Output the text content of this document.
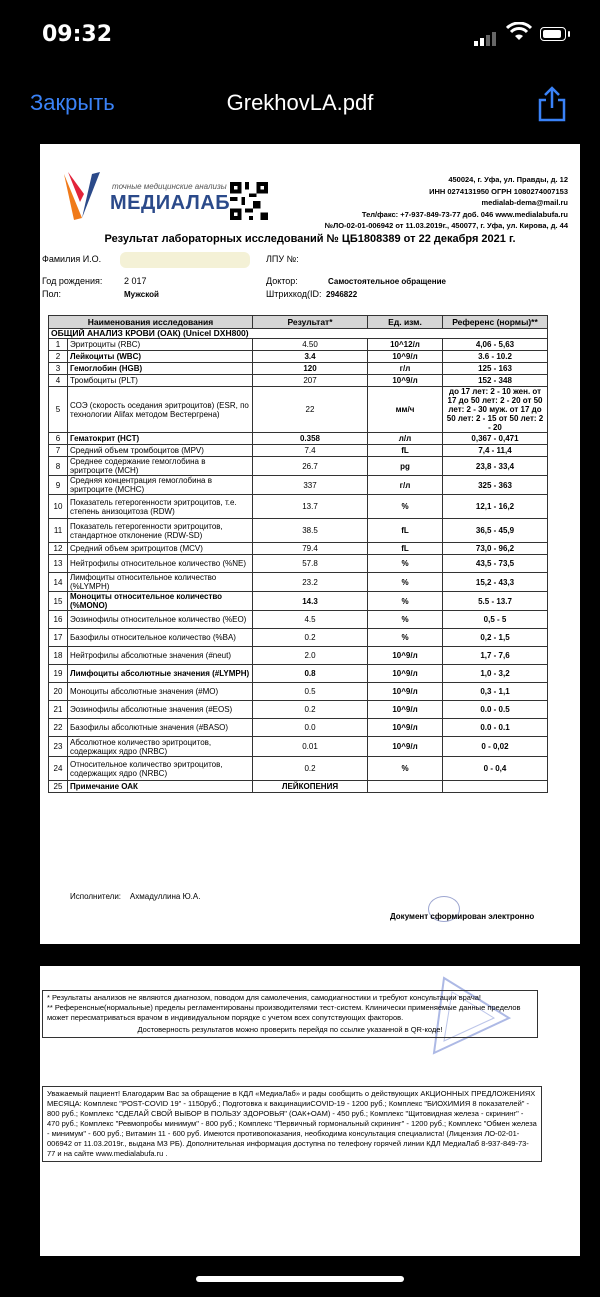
09:32
Закрыть	GrekhovLA.pdf
точные медицинские анализы
МЕДИАЛАБ
450024, г. Уфа, ул. Правды, д. 12
ИНН 0274131950 ОГРН 1080274007153
medialab-dema@mail.ru
Тел/факс: +7-937-849-73-77 доб. 046 www.medialabufa.ru
№ЛО-02-01-006942 от 11.03.2019г., 450077, г. Уфа, ул. Кирова, д. 44
Результат лабораторных исследований № ЦБ1808389 от 22 декабря 2021 г.
Фамилия И.О.	ЛПУ №:
Год рождения: 2 017	Доктор:	Самостоятельное обращение
Пол:	Мужской	Штрихкод(ID: 2946822
Наименования исследования		Результат*	Ед. изм.	Референс (нормы)**
ОБЩИЙ АНАЛИЗ КРОВИ (ОАК) (Unicel DXH800)				
1	Эритроциты (RBC)	4.50	10^12/л	4,06 - 5,63
2	Лейкоциты (WBC)	3.4	10^9/л	3.6 - 10.2
3	Гемоглобин (HGB)	120	г/л	125 - 163
4	Тромбоциты (PLT)	207	10^9/л	152 - 348
5	СОЭ (скорость оседания эритроцитов) (ESR, по технологии Alifax методом Вестергрена)	22	мм/ч	до 17 лет: 2 - 10 жен. от 17 до 50 лет: 2 - 20 от 50 лет: 2 - 30 муж. от 17 до 50 лет: 2 - 15 от 50 лет: 2 - 20
6	Гематокрит (HCT)	0.358	л/л	0,367 - 0,471
7	Средний объем тромбоцитов (MPV)	7.4	fL	7,4 - 11,4
8	Среднее содержание гемоглобина в эритроците (MCH)	26.7	pg	23,8 - 33,4
9	Средняя концентрация гемоглобина в эритроците (MCHC)	337	г/л	325 - 363
10	Показатель гетерогенности эритроцитов, т.е. степень анизоцитоза (RDW)	13.7	%	12,1 - 16,2
11	Показатель гетерогенности эритроцитов, стандартное отклонение (RDW-SD)	38.5	fL	36,5 - 45,9
12	Средний объем эритроцитов (MCV)	79.4	fL	73,0 - 96,2
13	Нейтрофилы относительное количество (%NE)	57.8	%	43,5 - 73,5
14	Лимфоциты относительное количество (%LYMPH)	23.2	%	15,2 - 43,3
15	Моноциты относительное количество (%MONO)	14.3	%	5.5 - 13.7
16	Эозинофилы относительное количество (%EO)	4.5	%	0,5 - 5
17	Базофилы относительное количество (%BA)	0.2	%	0,2 - 1,5
18	Нейтрофилы абсолютные значения (#neut)	2.0	10^9/л	1,7 - 7,6
19	Лимфоциты абсолютные значения (#LYMPH)	0.8	10^9/л	1,0 - 3,2
20	Моноциты абсолютные значения (#MO)	0.5	10^9/л	0,3 - 1,1
21	Эозинофилы абсолютные значения (#EOS)	0.2	10^9/л	0.0 - 0.5
22	Базофилы абсолютные значения (#BASO)	0.0	10^9/л	0.0 - 0.1
23	Абсолютное количество эритроцитов, содержащих ядро (NRBC)	0.01	10^9/л	0 - 0,02
24	Относительное количество эритроцитов, содержащих ядро (NRBC)	0.2	%	0 - 0,4
25	Примечание ОАК	ЛЕЙКОПЕНИЯ		
Исполнители: Ахмадуллина Ю.А.
Документ сформирован электронно
* Результаты анализов не являются диагнозом, поводом для самолечения, самодиагностики и требуют консультации врача!
** Референсные(нормальные) пределы регламентированы производителями тест-систем. Клинически применяемые данные пределов может пересматриваться врачом в индивидуальном порядке с учетом всех сопутствующих факторов.
Достоверность результатов можно проверить перейдя по ссылке указанной в QR-коде!
Уважаемый пациент! Благодарим Вас за обращение в КДЛ «МедиаЛаб» и рады сообщить о действующих АКЦИОННЫХ ПРЕДЛОЖЕНИЯХ МЕСЯЦА: Комплекс "POST-COVID 19" - 1150руб.; Подготовка к вакцинацииCOVID-19 - 1200 руб.; Комплекс "БИОХИМИЯ 8 показателей" - 800 руб.; Комплекс "СДЕЛАЙ СВОЙ ВЫБОР В ПОЛЬЗУ ЗДОРОВЬЯ" (ОАК+ОАМ) - 450 руб.; Комплекс "Щитовидная железа - скрининг" - 470 руб.; Комплекс "Ревмопробы минимум" - 800 руб.; Комплекс "Первичный гормональный скрининг" - 1200 руб.; Комплекс "Обмен железа - минимум" - 600 руб.; Витамин 11 - 600 руб. Имеются противопоказания, необходима консультация специалиста! (Лицензия ЛО-02-01-006942 от 11.03.2019г., выдана МЗ РБ). Дополнительная информация доступна по телефону горячей линии КДЛ МедиаЛаб 8-937-849-73-77 и на сайте www.medialabufa.ru .
